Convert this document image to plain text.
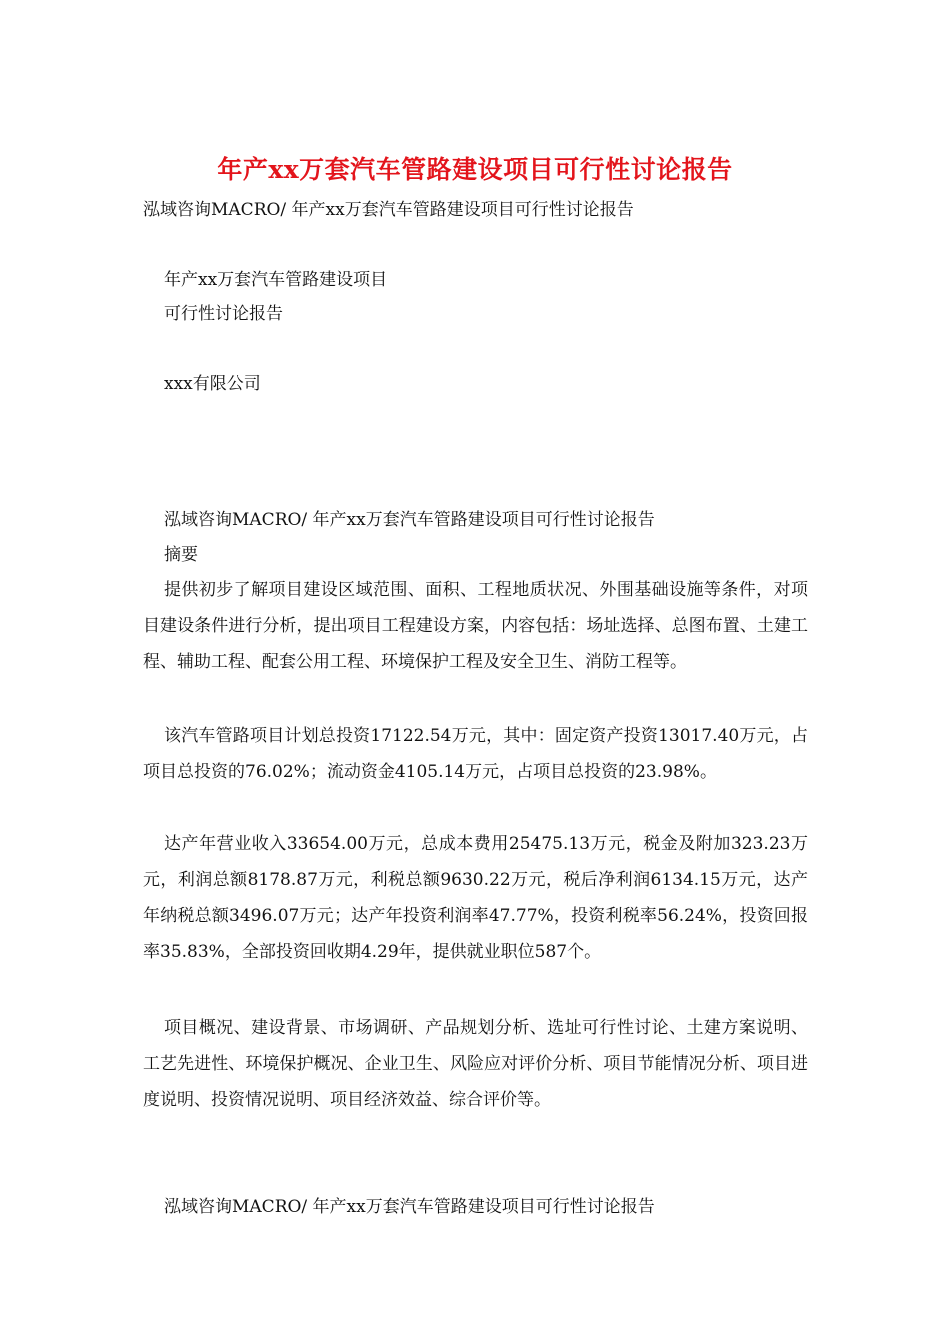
年产xx万套汽车管路建设项目可行性讨论报告
泓域咨询MACRO/ 年产xx万套汽车管路建设项目可行性讨论报告
年产xx万套汽车管路建设项目
可行性讨论报告
xxx有限公司
泓域咨询MACRO/ 年产xx万套汽车管路建设项目可行性讨论报告
摘要
提供初步了解项目建设区域范围、面积、工程地质状况、外围基础设施等条件，对项目建设条件进行分析，提出项目工程建设方案，内容包括：场址选择、总图布置、土建工程、辅助工程、配套公用工程、环境保护工程及安全卫生、消防工程等。
该汽车管路项目计划总投资17122.54万元，其中：固定资产投资13017.40万元，占项目总投资的76.02%；流动资金4105.14万元，占项目总投资的23.98%。
达产年营业收入33654.00万元，总成本费用25475.13万元，税金及附加323.23万元，利润总额8178.87万元，利税总额9630.22万元，税后净利润6134.15万元，达产年纳税总额3496.07万元；达产年投资利润率47.77%，投资利税率56.24%，投资回报率35.83%，全部投资回收期4.29年，提供就业职位587个。
项目概况、建设背景、市场调研、产品规划分析、选址可行性讨论、土建方案说明、工艺先进性、环境保护概况、企业卫生、风险应对评价分析、项目节能情况分析、项目进度说明、投资情况说明、项目经济效益、综合评价等。
泓域咨询MACRO/ 年产xx万套汽车管路建设项目可行性讨论报告
